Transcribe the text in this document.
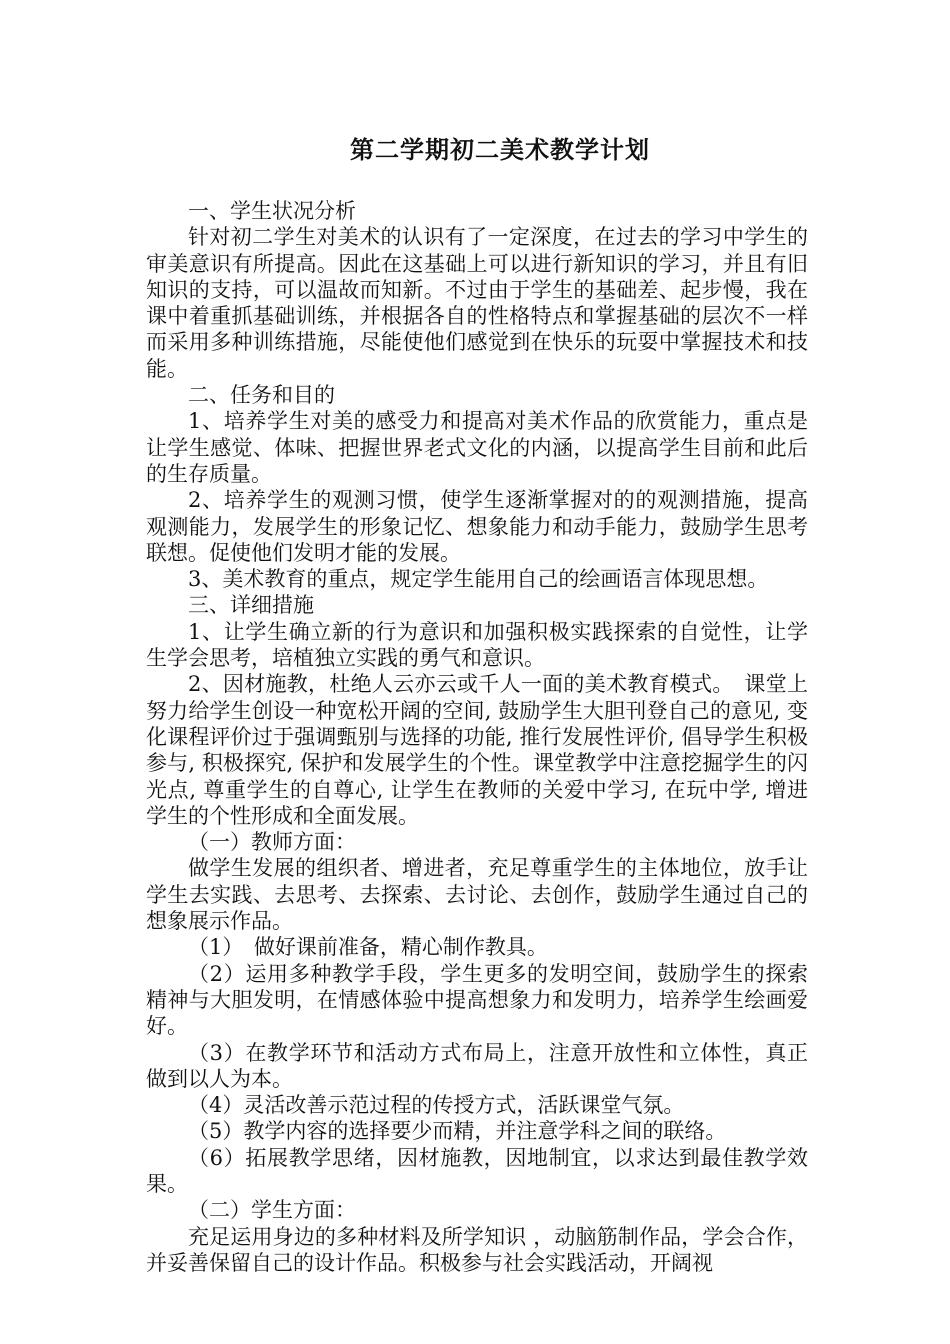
第二学期初二美术教学计划

一、学生状况分析

针对初二学生对美术的认识有了一定深度，在过去的学习中学生的审美意识有所提高。因此在这基础上可以进行新知识的学习，并且有旧知识的支持，可以温故而知新。不过由于学生的基础差、起步慢，我在课中着重抓基础训练，并根据各自的性格特点和掌握基础的层次不一样而采用多种训练措施，尽能使他们感觉到在快乐的玩耍中掌握技术和技能。

二、任务和目的

1、培养学生对美的感受力和提高对美术作品的欣赏能力，重点是让学生感觉、体味、把握世界老式文化的内涵，以提高学生目前和此后的生存质量。

2、培养学生的观测习惯，使学生逐渐掌握对的的观测措施，提高观测能力，发展学生的形象记忆、想象能力和动手能力，鼓励学生思考联想。促使他们发明才能的发展。

3、美术教育的重点，规定学生能用自己的绘画语言体现思想。

三、详细措施

1、让学生确立新的行为意识和加强积极实践探索的自觉性，让学生学会思考，培植独立实践的勇气和意识。

2、因材施教，杜绝人云亦云或千人一面的美术教育模式。　课堂上努力给学生创设一种宽松开阔的空间, 鼓励学生大胆刊登自己的意见, 变化课程评价过于强调甄别与选择的功能, 推行发展性评价, 倡导学生积极参与, 积极探究, 保护和发展学生的个性。课堂教学中注意挖掘学生的闪光点, 尊重学生的自尊心, 让学生在教师的关爱中学习, 在玩中学, 增进学生的个性形成和全面发展。

（一）教师方面：

做学生发展的组织者、增进者，充足尊重学生的主体地位，放手让学生去实践、去思考、去探索、去讨论、去创作，鼓励学生通过自己的想象展示作品。

（1）　做好课前准备，精心制作教具。

（2）运用多种教学手段，学生更多的发明空间，鼓励学生的探索精神与大胆发明，在情感体验中提高想象力和发明力，培养学生绘画爱好。

（3）在教学环节和活动方式布局上，注意开放性和立体性，真正做到以人为本。

（4）灵活改善示范过程的传授方式，活跃课堂气氛。

（5）教学内容的选择要少而精，并注意学科之间的联络。

（6）拓展教学思绪，因材施教，因地制宜，以求达到最佳教学效果。

（二）学生方面：

充足运用身边的多种材料及所学知识 ，动脑筋制作品，学会合作，并妥善保留自己的设计作品。积极参与社会实践活动，开阔视
